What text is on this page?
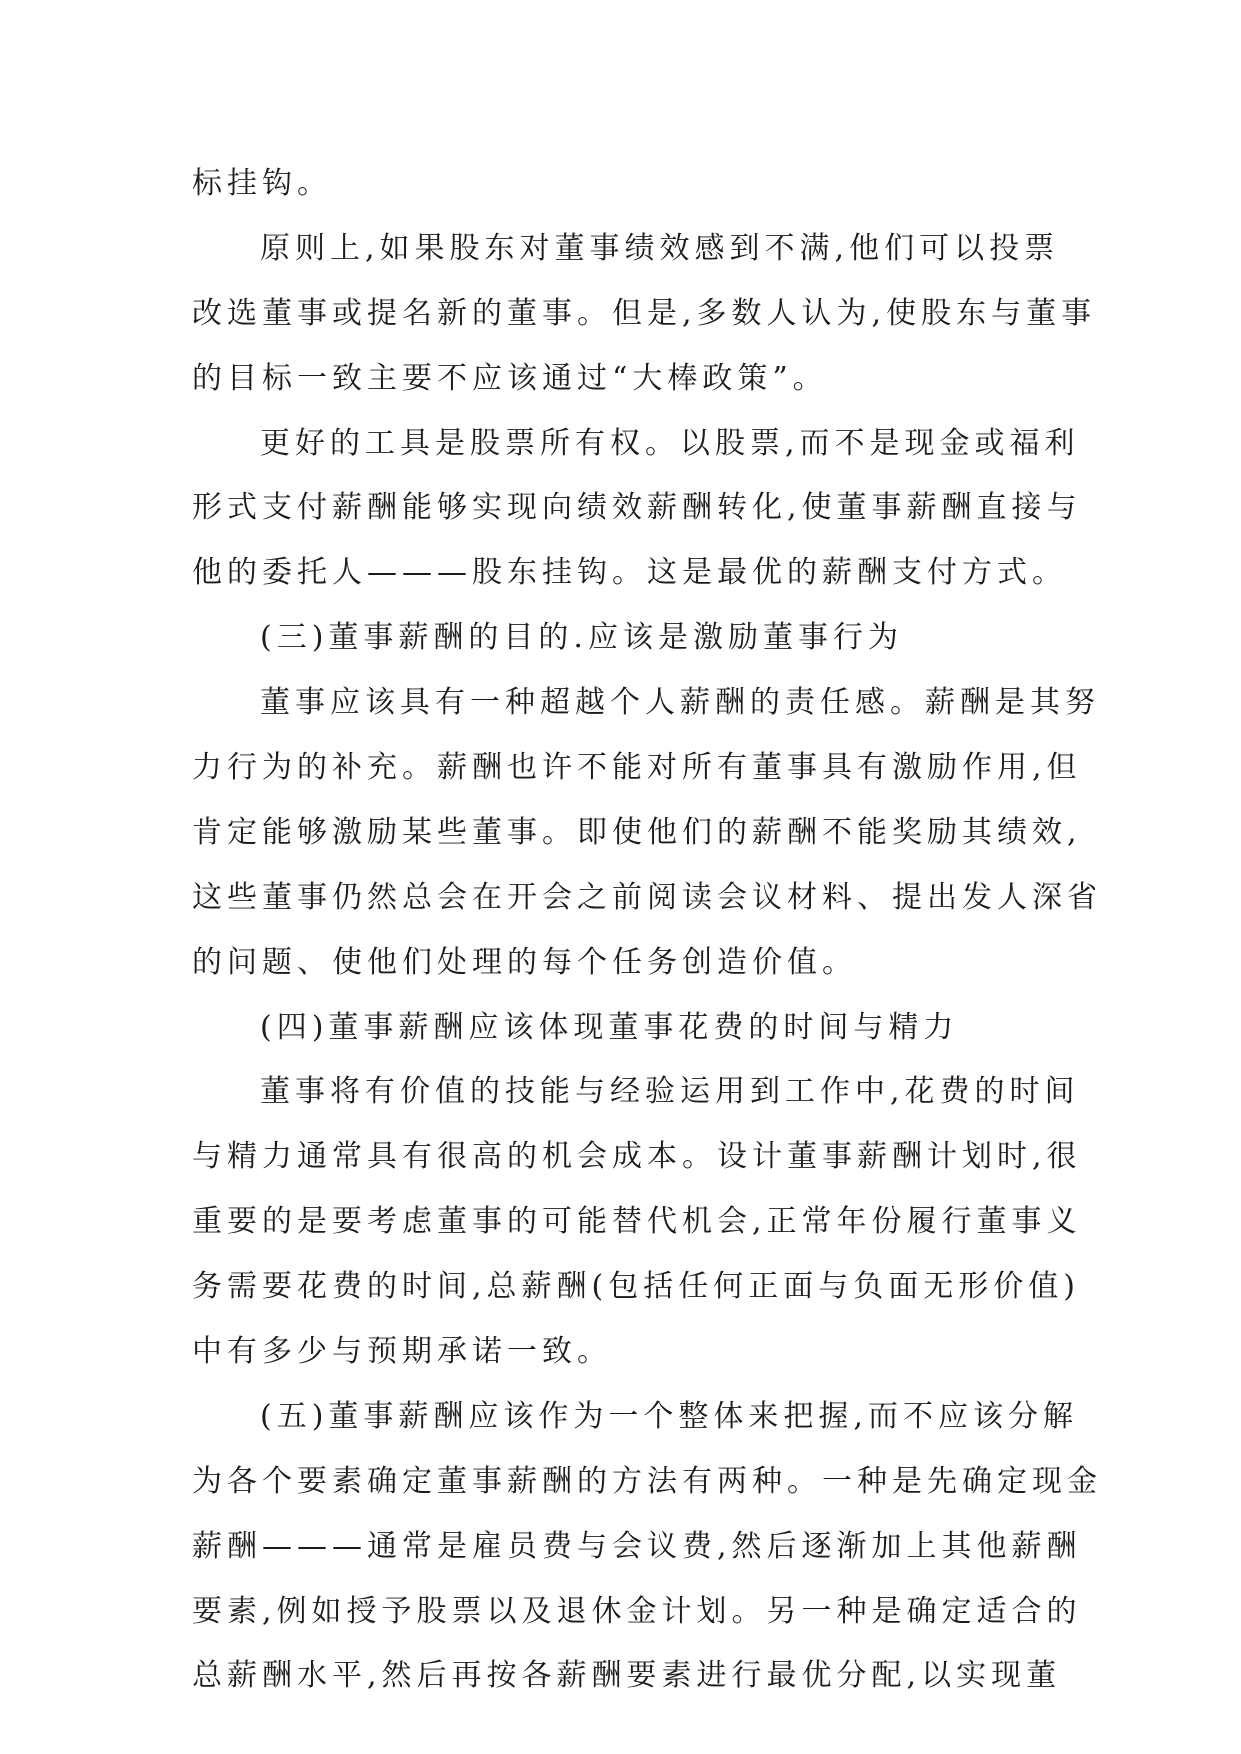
标挂钩。
原则上,如果股东对董事绩效感到不满,他们可以投票
改选董事或提名新的董事。但是,多数人认为,使股东与董事
的目标一致主要不应该通过“大棒政策”。
更好的工具是股票所有权。以股票,而不是现金或福利
形式支付薪酬能够实现向绩效薪酬转化,使董事薪酬直接与
他的委托人———股东挂钩。这是最优的薪酬支付方式。
(三)董事薪酬的目的.应该是激励董事行为
董事应该具有一种超越个人薪酬的责任感。薪酬是其努
力行为的补充。薪酬也许不能对所有董事具有激励作用,但
肯定能够激励某些董事。即使他们的薪酬不能奖励其绩效,
这些董事仍然总会在开会之前阅读会议材料、提出发人深省
的问题、使他们处理的每个任务创造价值。
(四)董事薪酬应该体现董事花费的时间与精力
董事将有价值的技能与经验运用到工作中,花费的时间
与精力通常具有很高的机会成本。设计董事薪酬计划时,很
重要的是要考虑董事的可能替代机会,正常年份履行董事义
务需要花费的时间,总薪酬(包括任何正面与负面无形价值)
中有多少与预期承诺一致。
(五)董事薪酬应该作为一个整体来把握,而不应该分解
为各个要素确定董事薪酬的方法有两种。一种是先确定现金
薪酬———通常是雇员费与会议费,然后逐渐加上其他薪酬
要素,例如授予股票以及退休金计划。另一种是确定适合的
总薪酬水平,然后再按各薪酬要素进行最优分配,以实现董
